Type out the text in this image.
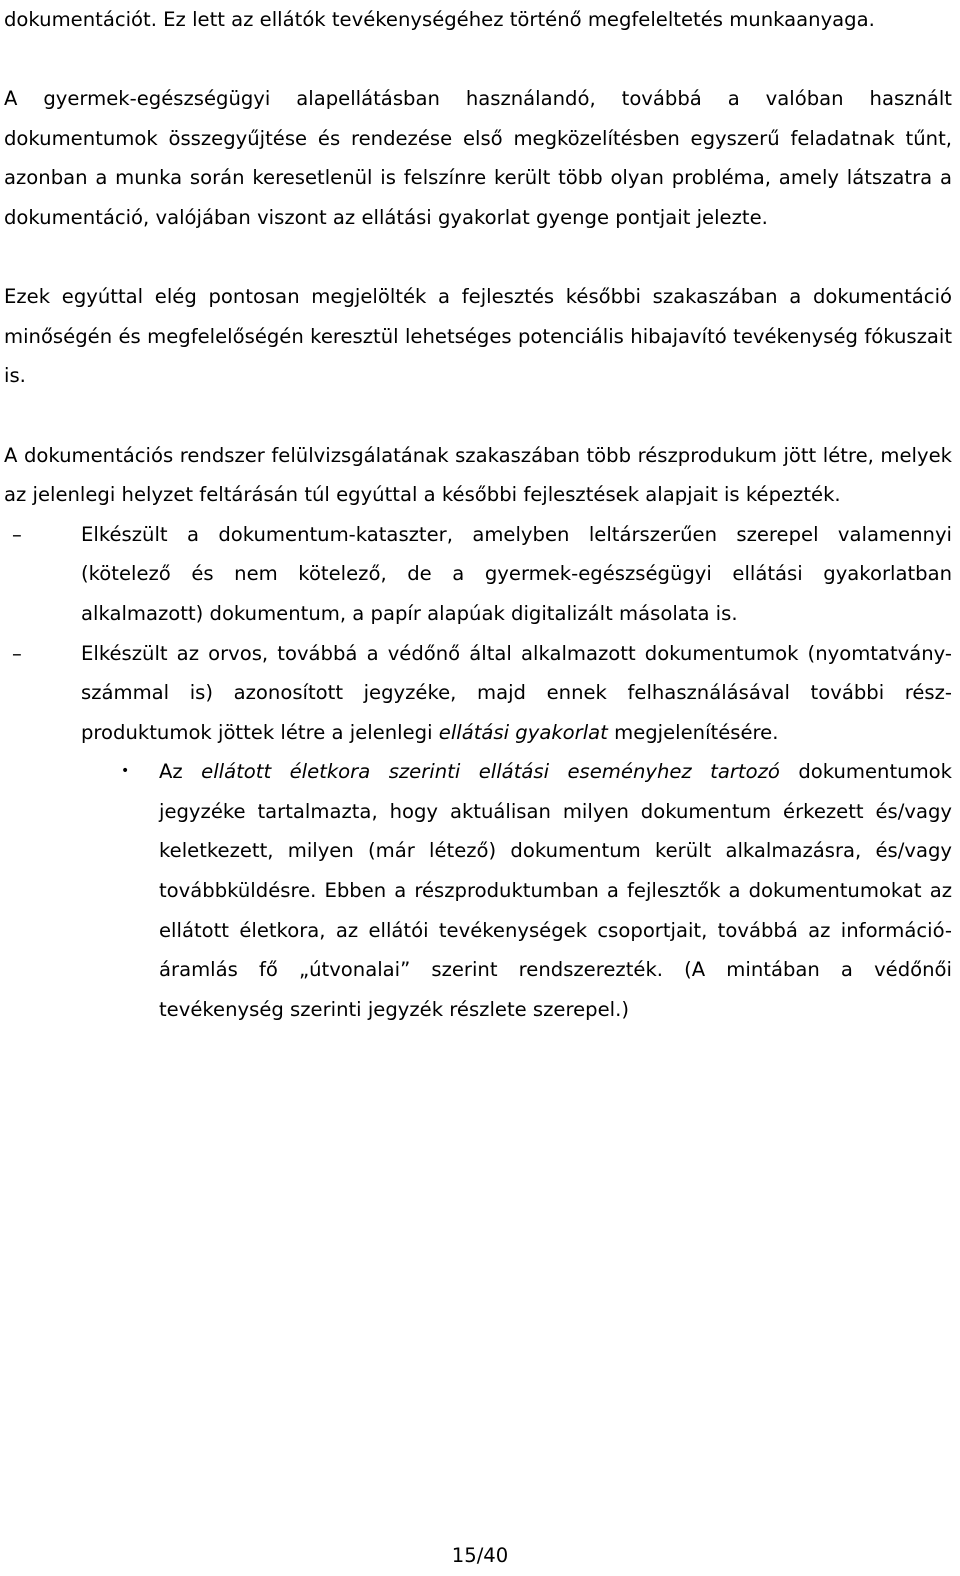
dokumentációt. Ez lett az ellátók tevékenységéhez történő megfeleltetés munkaanyaga.

A gyermek-egészségügyi alapellátásban használandó, továbbá a valóban használt dokumentumok összegyűjtése és rendezése első megközelítésben egyszerű feladatnak tűnt, azonban a munka során keresetlenül is felszínre került több olyan probléma, amely látszatra a dokumentáció, valójában viszont az ellátási gyakorlat gyenge pontjait jelezte.

Ezek egyúttal elég pontosan megjelölték a fejlesztés későbbi szakaszában a dokumentáció minőségén és megfelelőségén keresztül lehetséges potenciális hibajavító tevékenység fókuszait is.

A dokumentációs rendszer felülvizsgálatának szakaszában több részprodukum jött létre, melyek az jelenlegi helyzet feltárásán túl egyúttal a későbbi fejlesztések alapjait is képezték.

–	Elkészült a dokumentum-kataszter, amelyben leltárszerűen szerepel valamennyi (kötelező és nem kötelező, de a gyermek-egészségügyi ellátási gyakorlatban alkalmazott) dokumentum, a papír alapúak digitalizált másolata is.

–	Elkészült az orvos, továbbá a védőnő által alkalmazott dokumentumok (nyomtatvány-számmal is) azonosított jegyzéke, majd ennek felhasználásával további rész-produktumok jöttek létre a jelenlegi ellátási gyakorlat megjelenítésére.

•	Az ellátott életkora szerinti ellátási eseményhez tartozó dokumentumok jegyzéke tartalmazta, hogy aktuálisan milyen dokumentum érkezett és/vagy keletkezett, milyen (már létező) dokumentum került alkalmazásra, és/vagy továbbküldésre. Ebben a részproduktumban a fejlesztők a dokumentumokat az ellátott életkora, az ellátói tevékenységek csoportjait, továbbá az információ-áramlás fő „útvonalai” szerint rendszerezték. (A mintában a védőnői tevékenység szerinti jegyzék részlete szerepel.)

15/40
